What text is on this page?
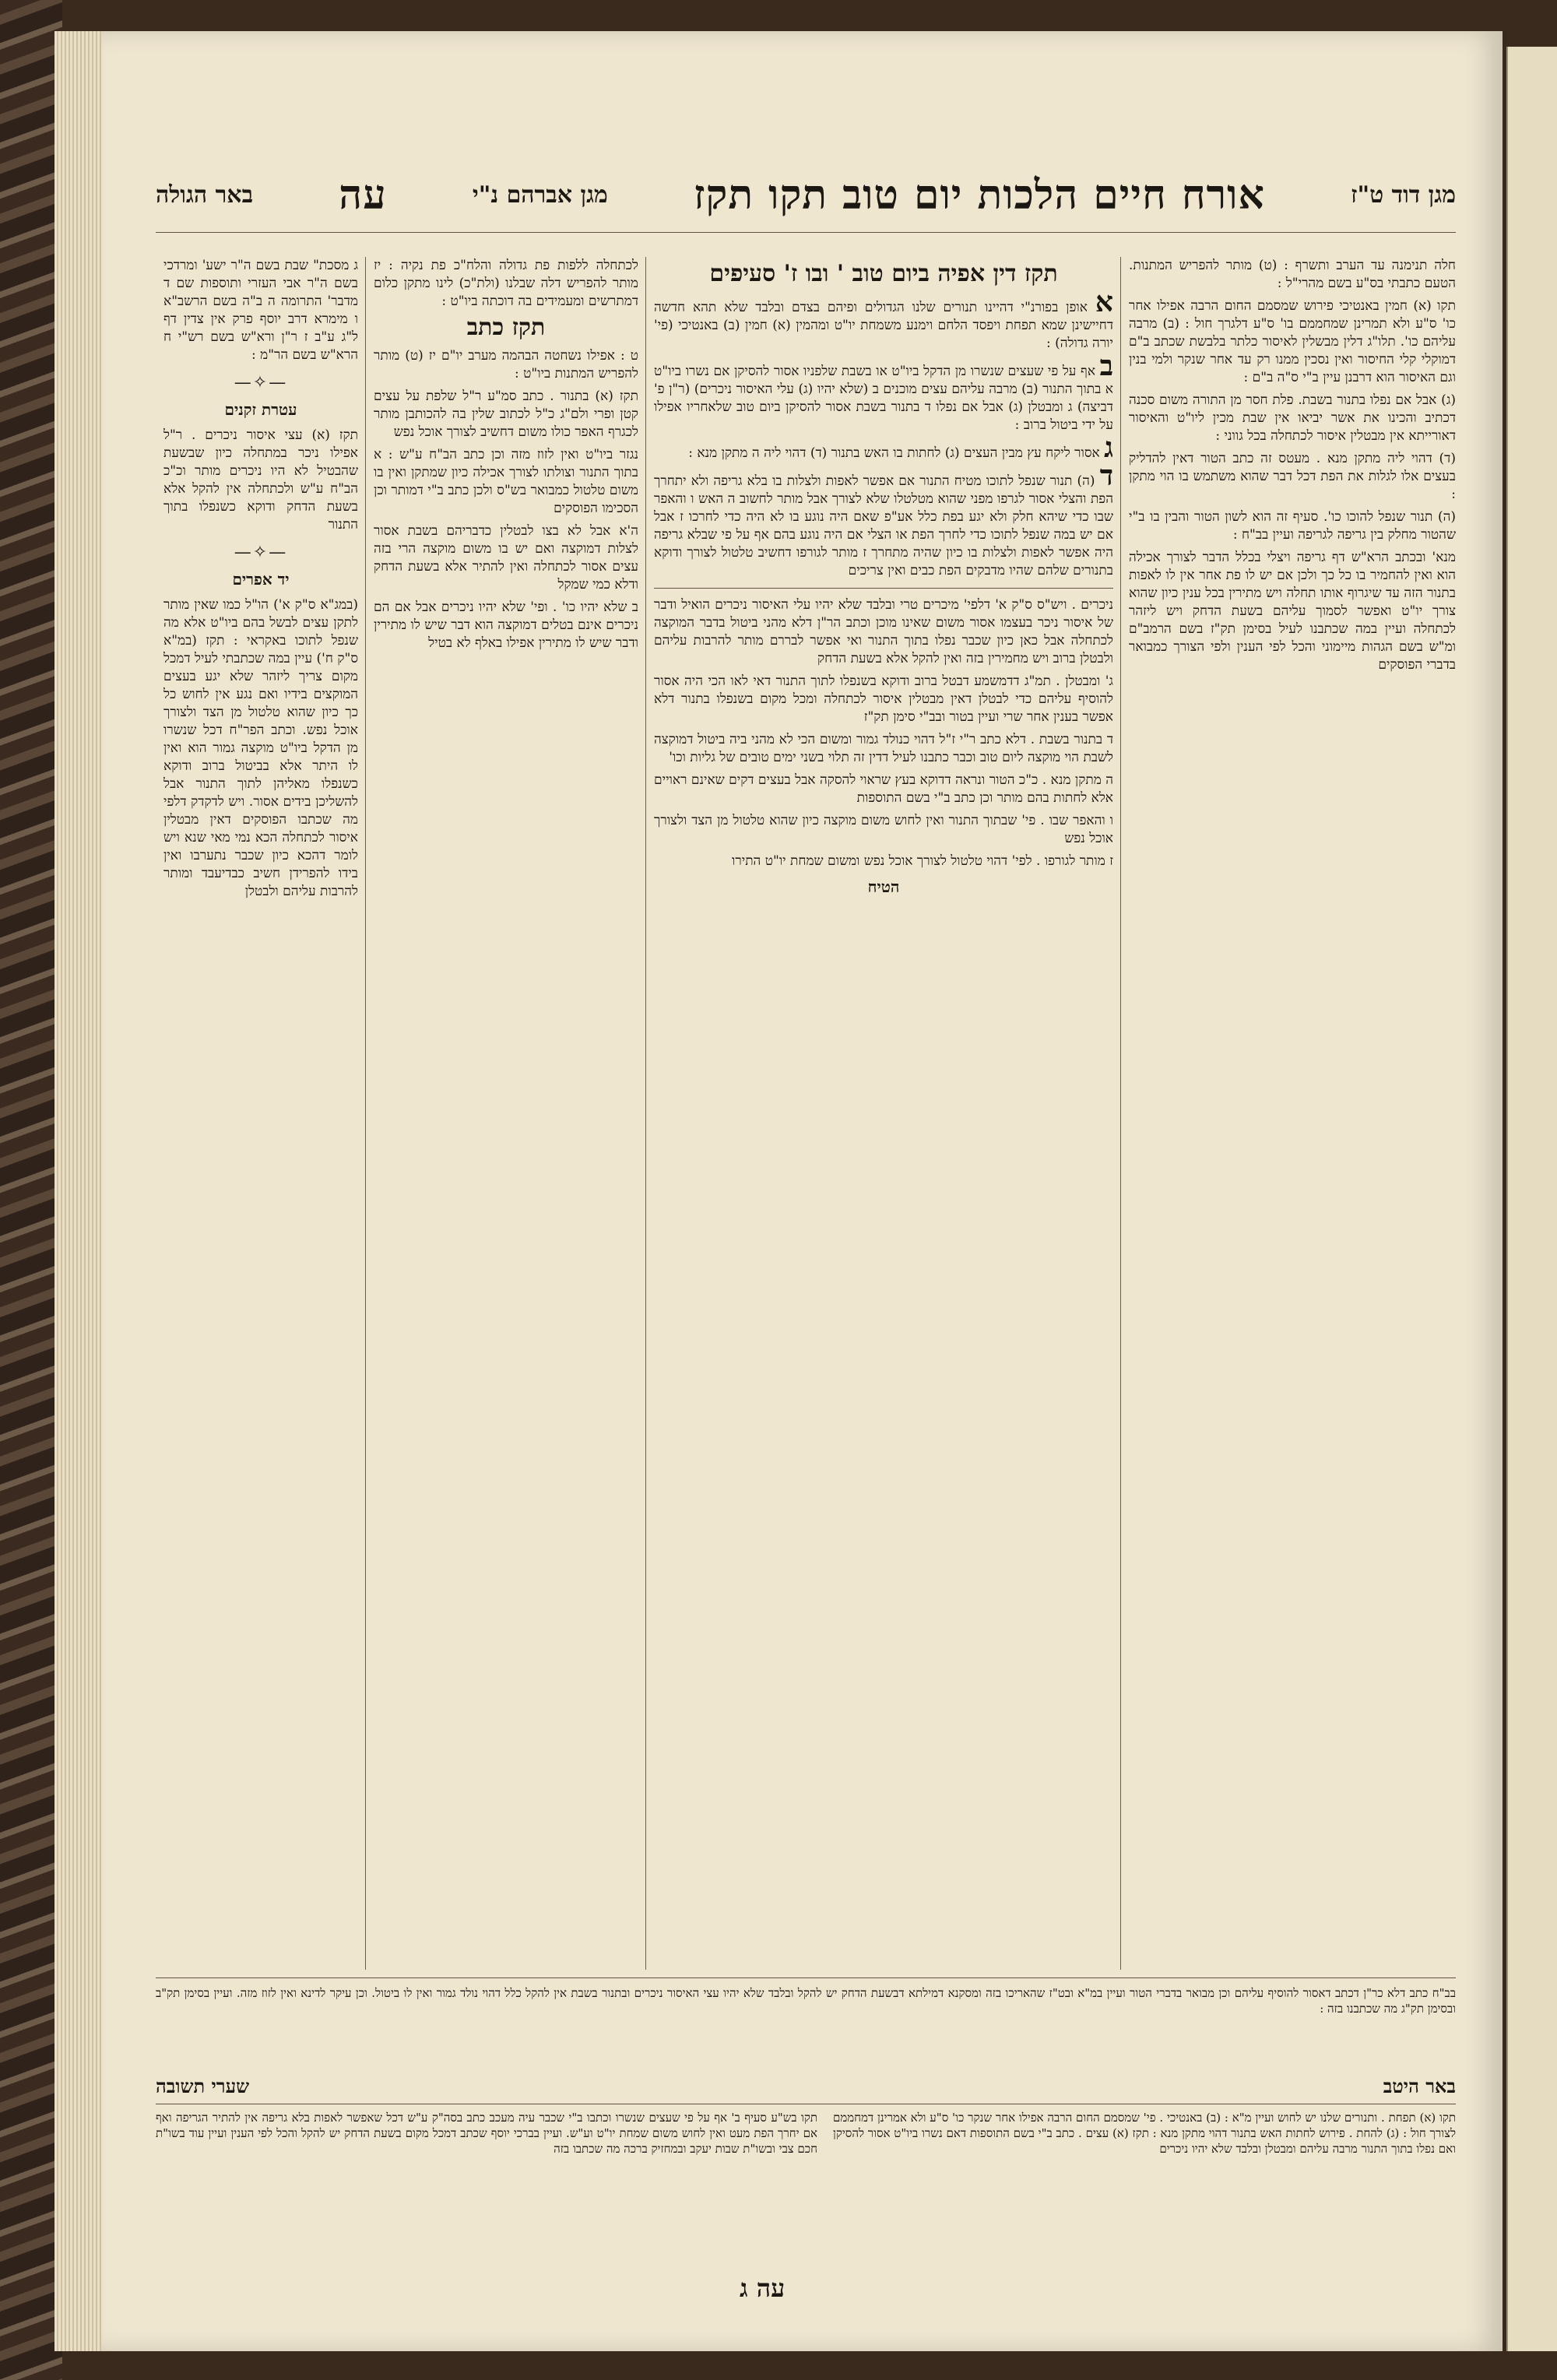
מגן דוד ט"ז
אורח חיים הלכות יום טוב תקו תקז
מגן אברהם נ"י
עה
באר הגולה

חלה תנימנה עד הערב ותשרף : (ט) מותר להפריש המתנות. הטעם כתבתי בס"ע בשם מהרי"ל :

תקו (א) חמין באנטיכי פירוש שמסמם החום הרבה אפילו אחר כו' ס"ע ולא תמרינן שמחממם בו' ס"ע דלגרך חול : (ב) מרבה עליהם כו'. תלו"ג דלין מבשלין לאיסור כלתר בלבשת שכתב ב"ם דמוקלי קלי החיסור ואין נסכין ממנו רק עד אחר שנקר ולמי בנין וגם האיסור הוא דרבנן עיין ב"י ס"ה ב"ם :

(ג) אבל אם נפלו בתנור בשבת. פלת חסר מן התורה משום סכנה דכתיב והכינו את אשר יביאו אין שבת מכין ליו"ט והאיסור דאורייתא אין מבטלין איסור לכתחלה בכל גווני :

(ד) דהוי ליה מתקן מנא . מעטס זה כתב הטור דאין להדליק בעצים אלו לגלות את הפת דכל דבר שהוא משתמש בו הוי מתקן :

(ה) תנור שנפל להוכו כו'. סעיף זה הוא לשון הטור והבין בו ב"י שהטור מחלק בין גריפה לגריפה ועיין בב"ח :

מנא' ובכתב הרא"ש דף גריפה ויצלי בכלל הדבר לצורך אכילה הוא ואין להחמיר בו כל כך ולכן אם יש לו פת אחר אין לו לאפות בתנור הזה עד שיגרוף אותו תחלה ויש מתירין בכל ענין כיון שהוא צורך יו"ט ואפשר לסמוך עליהם בשעת הדחק ויש ליזהר לכתחלה ועיין במה שכתבנו לעיל בסימן תק"ז בשם הרמב"ם ומ"ש בשם הגהות מיימוני והכל לפי הענין ולפי הצורך כמבואר בדברי הפוסקים

תקז דין אפיה ביום טוב ' ובו ז' סעיפים

א אופן בפורנ"י דהיינו תנורים שלנו הגדולים ופיהם בצדם ובלבד שלא תהא חדשה דחיישינן שמא תפחת ויפסד הלחם וימנע משמחת יו"ט ומהמין (א) חמין (ב) באנטיכי (פי' יורה גדולה) :

ב אף על פי שעצים שנשרו מן הדקל ביו"ט או בשבת שלפניו אסור להסיקן אם נשרו ביו"ט א בתוך התנור (ב) מרבה עליהם עצים מוכנים ב (שלא יהיו (ג) עלי האיסור ניכרים) (ר"ן פ' דביצה) ג ומבטלן (ג) אבל אם נפלו ד בתנור בשבת אסור להסיקן ביום טוב שלאחריו אפילו על ידי ביטול ברוב :

ג אסור ליקח עץ מבין העצים (ג) לחתות בו האש בתנור (ד) דהוי ליה ה מתקן מנא :

ד (ה) תנור שנפל לתוכו מטיח התנור אם אפשר לאפות ולצלות בו בלא גריפה ולא יתחרך הפת והצלי אסור לגרפו מפני שהוא מטלטלו שלא לצורך אבל מותר לחשוב ה האש ו והאפר שבו כדי שיהא חלק ולא יגע בפת כלל אע"פ שאם היה נוגע בו לא היה כדי לחרכו ז אבל אם יש במה שנפל לתוכו כדי לחרך הפת או הצלי אם היה נוגע בהם אף על פי שבלא גריפה היה אפשר לאפות ולצלות בו כיון שהיה מתחרך ז מותר לגורפו דחשיב טלטול לצורך ודוקא בתנורים שלהם שהיו מדבקים הפת כבים ואין צריכים

ניכרים . ויש"ס ס"ק א' דלפי' מיכרים טרי ובלבד שלא יהיו עלי האיסור ניכרים הואיל ודבר של איסור ניכר בעצמו אסור משום שאינו מוכן וכתב הר"ן דלא מהני ביטול בדבר המוקצה לכתחלה אבל כאן כיון שכבר נפלו בתוך התנור ואי אפשר לבררם מותר להרבות עליהם ולבטלן ברוב ויש מחמירין בזה ואין להקל אלא בשעת הדחק

ג' ומבטלן . תמ"ג דדמשמע דבטל ברוב ודוקא בשנפלו לתוך התנור דאי לאו הכי היה אסור להוסיף עליהם כדי לבטלן דאין מבטלין איסור לכתחלה ומכל מקום בשנפלו בתנור דלא אפשר בענין אחר שרי ועיין בטור ובב"י סימן תק"ז

ד בתנור בשבת . דלא כתב ר"י ז"ל דהוי כנולד גמור ומשום הכי לא מהני ביה ביטול דמוקצה לשבת הוי מוקצה ליום טוב וכבר כתבנו לעיל דדין זה תלוי בשני ימים טובים של גליות וכו'

ה מתקן מנא . כ"כ הטור ונראה דדוקא בעץ שראוי להסקה אבל בעצים דקים שאינם ראויים אלא לחתות בהם מותר וכן כתב ב"י בשם התוספות

ו והאפר שבו . פי' שבתוך התנור ואין לחוש משום מוקצה כיון שהוא טלטול מן הצד ולצורך אוכל נפש

ז מותר לגורפו . לפי' דהוי טלטול לצורך אוכל נפש ומשום שמחת יו"ט התירו

הטיח

לכתחלה ללפות פת גדולה והלח"כ פת נקיה : יז מותר להפריש דלה שבלנו (ולת"כ) לינו מתקן כלום דמתרשים ומעמידים בה דוכתה ביו"ט :

תקז כתב

ט : אפילו נשחטה הבהמה מערב יו"ם יז (ט) מותר להפריש המתנות ביו"ט :

תקז (א) בתנור . כתב סמ"ע ר"ל שלפת על עצים קטן ופרי ולם"ג כ"ל לכתוב שלין בה להכותבן מותר לכגרף האפר כולו משום דחשיב לצורך אוכל נפש

נגזר ביו"ט ואין לזוז מזה וכן כתב הב"ח ע"ש : א בתוך התנור וצולתו לצורך אכילה כיון שמתקן ואין בו משום טלטול כמבואר בש"ס ולכן כתב ב"י דמותר וכן הסכימו הפוסקים

ה'א אבל לא בצו לבטלין כדבריהם בשבת אסור לצלות דמוקצה ואם יש בו משום מוקצה הרי בזה עצים אסור לכתחלה ואין להתיר אלא בשעת הדחק ודלא כמי שמקל

ב שלא יהיו כו' . ופי' שלא יהיו ניכרים אבל אם הם ניכרים אינם בטלים דמוקצה הוא דבר שיש לו מתירין ודבר שיש לו מתירין אפילו באלף לא בטיל

ג מסכת" שבת בשם ה"ר ישע' ומרדכי בשם ה"ר אבי העזרי ותוספות שם ד מדבר' התרומה ה ב"ה בשם הרשב"א ו מימרא דרב יוסף פרק אין צדין דף ל"ג ע"ב ז ר"ן ורא"ש בשם רש"י ח הרא"ש בשם הר"מ :

—✧—
עטרת זקנים

תקז (א) עצי איסור ניכרים . ר"ל אפילו ניכר במתחלה כיון שבשעת שהבטיל לא היו ניכרים מותר וכ"כ הב"ח ע"ש ולכתחלה אין להקל אלא בשעת הדחק ודוקא כשנפלו בתוך התנור

—✧—
יד אפרים

(במג"א ס"ק א') הו"ל כמו שאין מותר לתקן עצים לבשל בהם ביו"ט אלא מה שנפל לתוכו באקראי : תקז (במ"א ס"ק ח') עיין במה שכתבתי לעיל דמכל מקום צריך ליזהר שלא יגע בעצים המוקצים בידיו ואם נגע אין לחוש כל כך כיון שהוא טלטול מן הצד ולצורך אוכל נפש. וכתב הפר"ח דכל שנשרו מן הדקל ביו"ט מוקצה גמור הוא ואין לו היתר אלא בביטול ברוב ודוקא כשנפלו מאליהן לתוך התנור אבל להשליכן בידים אסור. ויש לדקדק דלפי מה שכתבו הפוסקים דאין מבטלין איסור לכתחלה הכא נמי מאי שנא ויש לומר דהכא כיון שכבר נתערבו ואין בידו להפרידן חשיב כבדיעבד ומותר להרבות עליהם ולבטלן

בב"ח כתב דלא כר"ן דכתב דאסור להוסיף עליהם וכן מבואר בדברי הטור ועיין במ"א ובט"ז שהאריכו בזה ומסקנא דמילתא דבשעת הדחק יש להקל ובלבד שלא יהיו עצי האיסור ניכרים ובתנור בשבת אין להקל כלל דהוי נולד גמור ואין לו ביטול. וכן עיקר לדינא ואין לזוז מזה. ועיין בסימן תק"ב ובסימן תק"ג מה שכתבנו בזה :
באר היטב
שערי תשובה
תקו (א) תפחת . ותנורים שלנו יש לחוש ועיין מ"א : (ב) באנטיכי . פי' שמסמם החום הרבה אפילו אחר שנקר כו' ס"ע ולא אמרינן דמחממם לצורך חול : (ג) להחת . פירוש לחתות האש בתנור דהוי מתקן מנא : תקז (א) עצים . כתב ב"י בשם התוספות דאם נשרו ביו"ט אסור להסיקן ואם נפלו בתוך התנור מרבה עליהם ומבטלן ובלבד שלא יהיו ניכרים
תקו בש"ע סעיף ב' אף על פי שעצים שנשרו וכתבו ב"י שכבר עיה מעכב כתב בסה"ק ע"ש דכל שאפשר לאפות בלא גריפה אין להתיר הגריפה ואף אם יחרך הפת מעט ואין לחוש משום שמחת יו"ט וע"ש. ועיין בברכי יוסף שכתב דמכל מקום בשעת הדחק יש להקל והכל לפי הענין ועיין עוד בשו"ת חכם צבי ובשו"ת שבות יעקב ובמחזיק ברכה מה שכתבו בזה
עה ג
